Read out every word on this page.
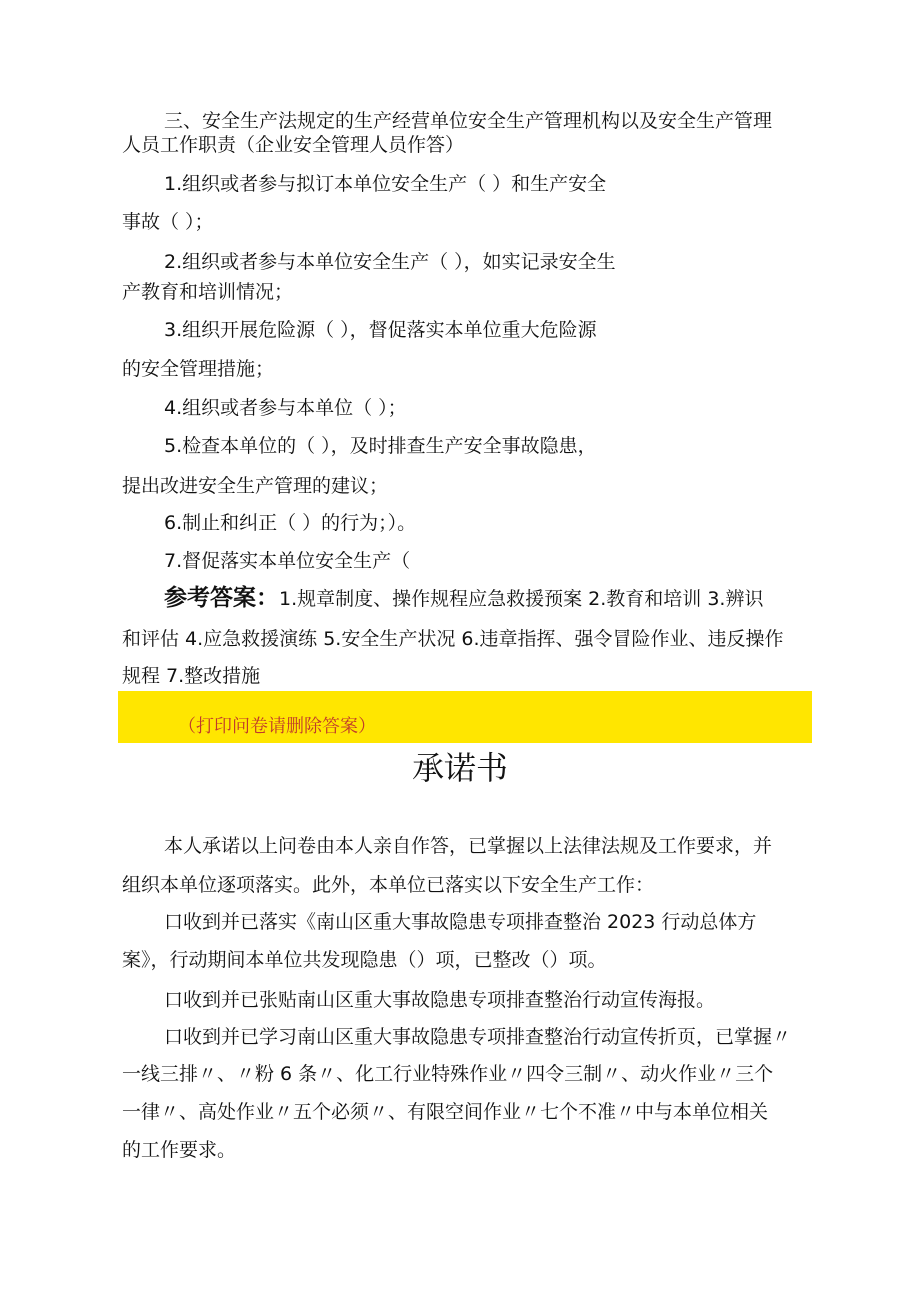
三、安全生产法规定的生产经营单位安全生产管理机构以及安全生产管理
人员工作职责（企业安全管理人员作答）
1.组织或者参与拟订本单位安全生产（ ）和生产安全
事故（ ）；
2.组织或者参与本单位安全生产（ ），如实记录安全生
产教育和培训情况；
3.组织开展危险源（ ），督促落实本单位重大危险源
的安全管理措施；
4.组织或者参与本单位（ ）；
5.检查本单位的（ ），及时排查生产安全事故隐患，
提出改进安全生产管理的建议；
6.制止和纠正（ ）的行为；）。
7.督促落实本单位安全生产（
参考答案：1.规章制度、操作规程应急救援预案 2.教育和培训 3.辨识
和评估 4.应急救援演练 5.安全生产状况 6.违章指挥、强令冒险作业、违反操作
规程 7.整改措施
（打印问卷请删除答案）
承诺书
本人承诺以上问卷由本人亲自作答，已掌握以上法律法规及工作要求，并
组织本单位逐项落实。此外，本单位已落实以下安全生产工作：
口收到并已落实《南山区重大事故隐患专项排查整治 2023 行动总体方
案》，行动期间本单位共发现隐患（）项，已整改（）项。
口收到并已张贴南山区重大事故隐患专项排查整治行动宣传海报。
口收到并已学习南山区重大事故隐患专项排查整治行动宣传折页，已掌握〃
一线三排〃、〃粉 6 条〃、化工行业特殊作业〃四令三制〃、动火作业〃三个
一律〃、高处作业〃五个必须〃、有限空间作业〃七个不准〃中与本单位相关
的工作要求。
